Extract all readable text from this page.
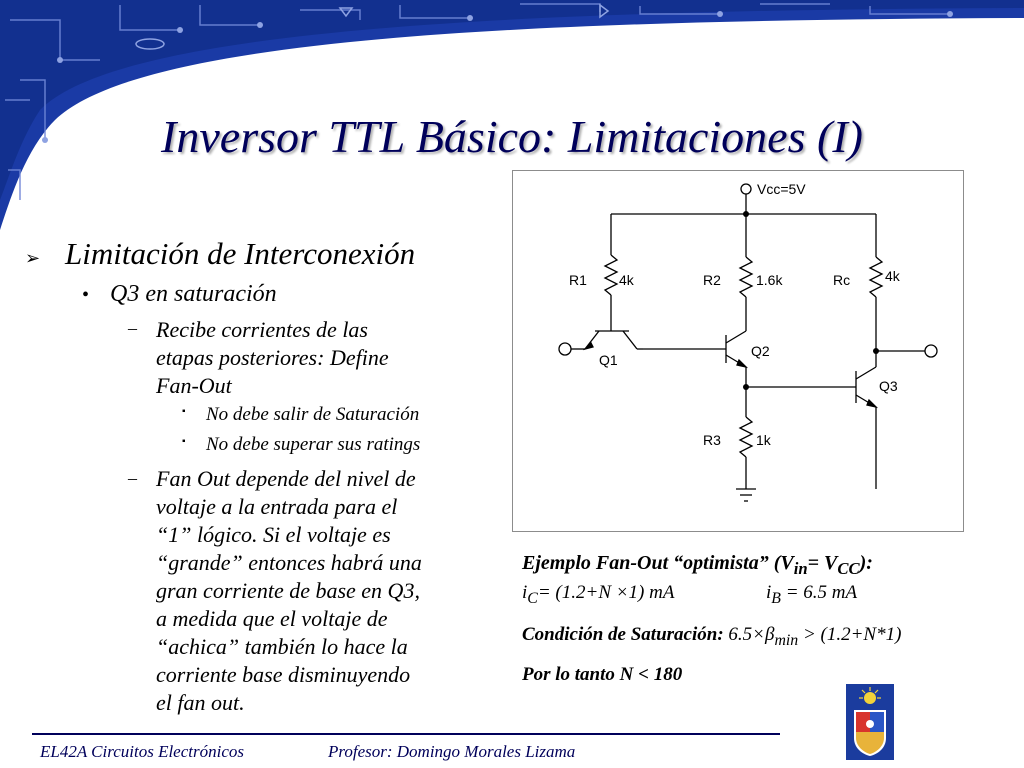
Inversor TTL Básico: Limitaciones (I)
➢ Limitación de Interconexión
• Q3 en saturación
– Recibe corrientes de las
etapas posteriores: Define
Fan-Out
▪ No debe salir de Saturación
▪ No debe superar sus ratings
– Fan Out depende del nivel de
voltaje a la entrada para el
“1” lógico. Si el voltaje es
“grande” entonces habrá una
gran corriente de base en Q3,
a medida que el voltaje de
“achica” también lo hace la
corriente base disminuyendo
el fan out.
Vcc=5V
R1 4k	R2	1.6k	Rc 4k
Q1
Q2
Q3
R3	1k
Ejemplo Fan-Out “optimista” $(V_{in}= V_{CC})$:
$i_C= (1.2+N \times 1)$ mA	$i_B = 6.5$ mA
Condición de Saturación: $6.5\times\beta_{min} > (1.2+N*1)$
Por lo tanto N < 180
EL42A Circuitos Electrónicos	Profesor: Domingo Morales Lizama
